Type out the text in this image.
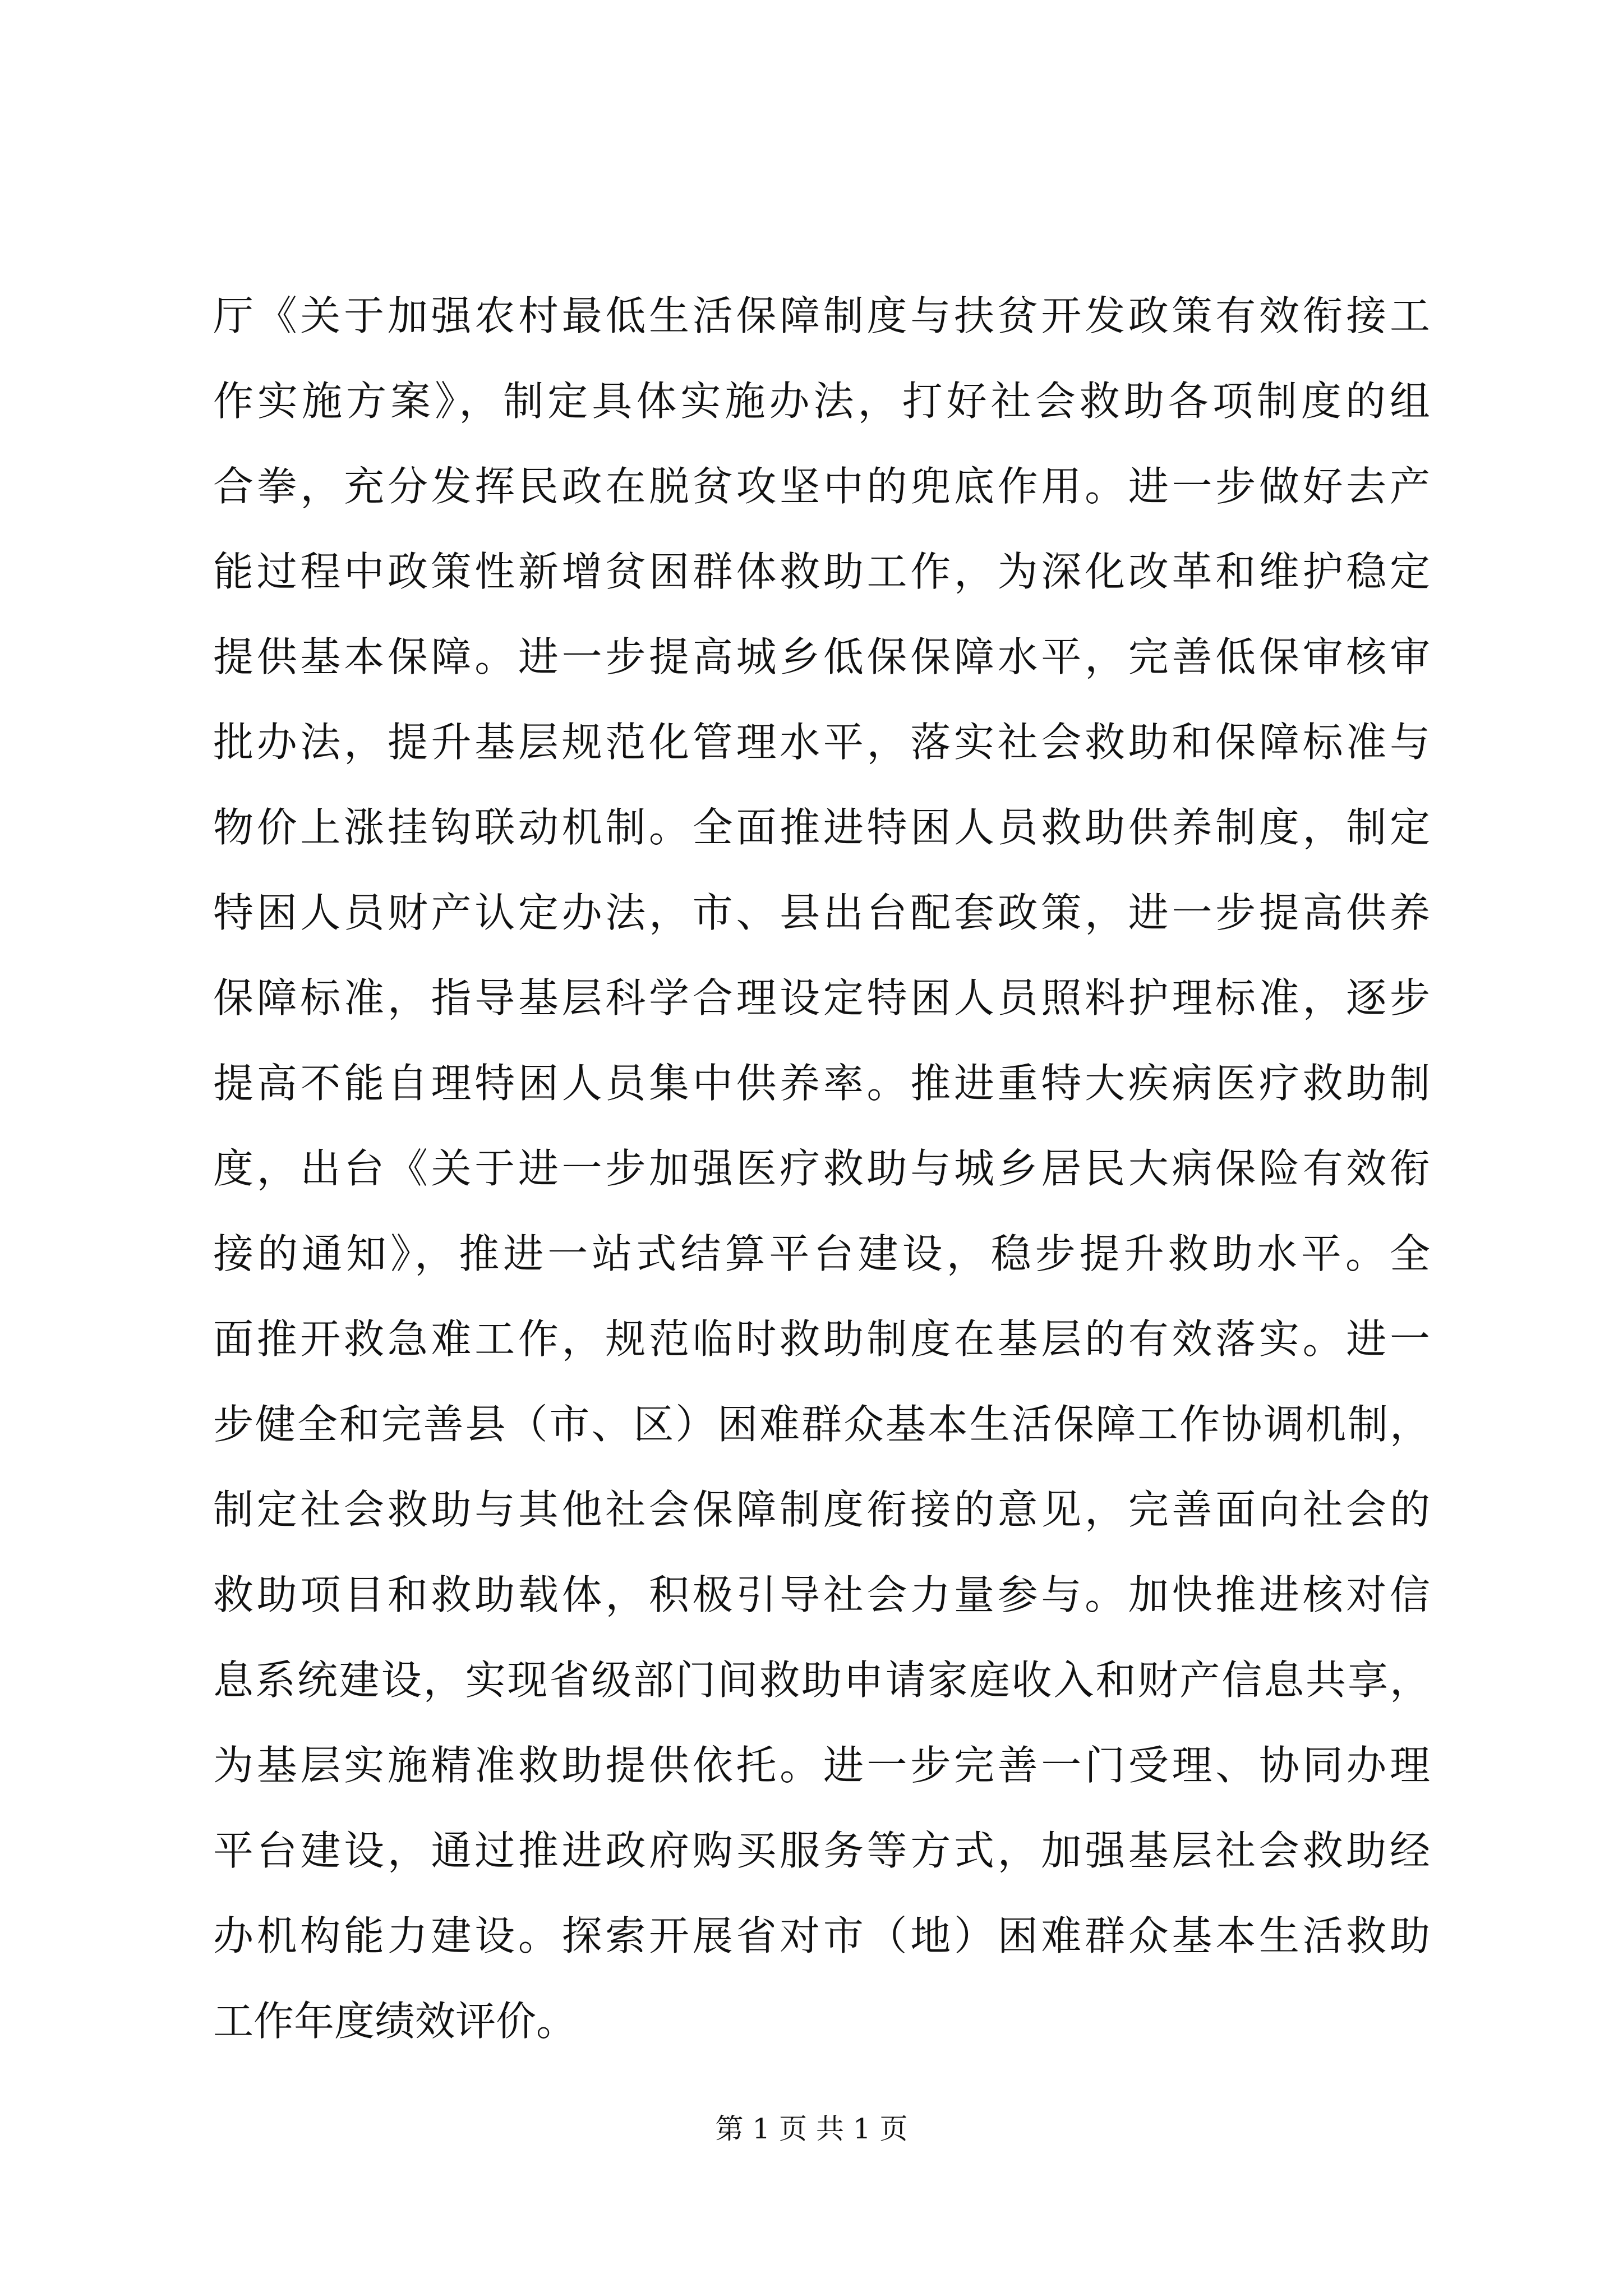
厅《关于加强农村最低生活保障制度与扶贫开发政策有效衔接工
作实施方案》，制定具体实施办法，打好社会救助各项制度的组
合拳，充分发挥民政在脱贫攻坚中的兜底作用。进一步做好去产
能过程中政策性新增贫困群体救助工作，为深化改革和维护稳定
提供基本保障。进一步提高城乡低保保障水平，完善低保审核审
批办法，提升基层规范化管理水平，落实社会救助和保障标准与
物价上涨挂钩联动机制。全面推进特困人员救助供养制度，制定
特困人员财产认定办法，市、县出台配套政策，进一步提高供养
保障标准，指导基层科学合理设定特困人员照料护理标准，逐步
提高不能自理特困人员集中供养率。推进重特大疾病医疗救助制
度，出台《关于进一步加强医疗救助与城乡居民大病保险有效衔
接的通知》，推进一站式结算平台建设，稳步提升救助水平。全
面推开救急难工作，规范临时救助制度在基层的有效落实。进一
步健全和完善县（市、区）困难群众基本生活保障工作协调机制，
制定社会救助与其他社会保障制度衔接的意见，完善面向社会的
救助项目和救助载体，积极引导社会力量参与。加快推进核对信
息系统建设，实现省级部门间救助申请家庭收入和财产信息共享，
为基层实施精准救助提供依托。进一步完善一门受理、协同办理
平台建设，通过推进政府购买服务等方式，加强基层社会救助经
办机构能力建设。探索开展省对市（地）困难群众基本生活救助
工作年度绩效评价。
第 1 页 共 1 页
